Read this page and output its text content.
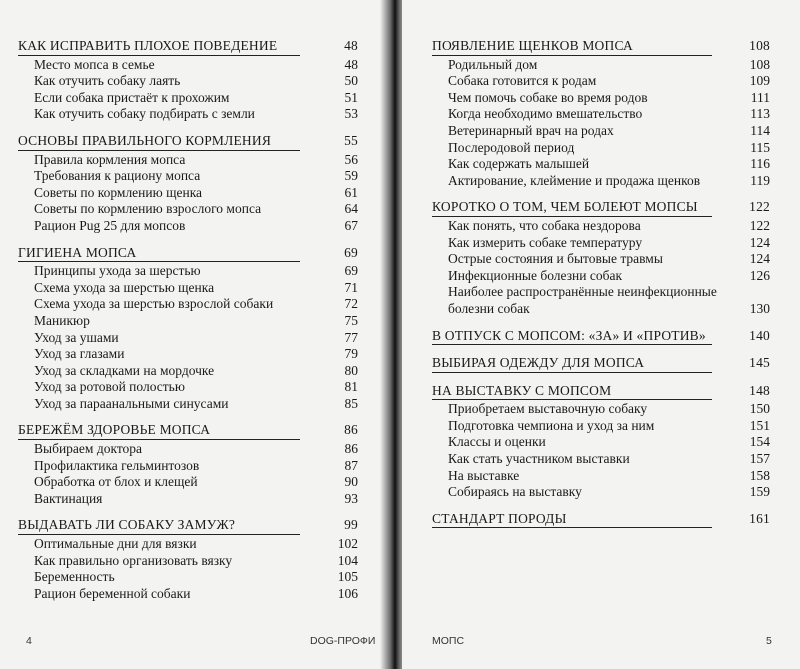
КАК ИСПРАВИТЬ ПЛОХОЕ ПОВЕДЕНИЕ	48
Место мопса в семье	48
Как отучить собаку лаять	50
Если собака пристаёт к прохожим	51
Как отучить собаку подбирать с земли	53
ОСНОВЫ ПРАВИЛЬНОГО КОРМЛЕНИЯ	55
Правила кормления мопса	56
Требования к рациону мопса	59
Советы по кормлению щенка	61
Советы по кормлению взрослого мопса	64
Рацион Pug 25 для мопсов	67
ГИГИЕНА МОПСА	69
Принципы ухода за шерстью	69
Схема ухода за шерстью щенка	71
Схема ухода за шерстью взрослой собаки	72
Маникюр	75
Уход за ушами	77
Уход за глазами	79
Уход за складками на мордочке	80
Уход за ротовой полостью	81
Уход за параанальными синусами	85
БЕРЕЖЁМ ЗДОРОВЬЕ МОПСА	86
Выбираем доктора	86
Профилактика гельминтозов	87
Обработка от блох и клещей	90
Вактинация	93
ВЫДАВАТЬ ЛИ СОБАКУ ЗАМУЖ?	99
Оптимальные дни для вязки	102
Как правильно организовать вязку	104
Беременность	105
Рацион беременной собаки	106
4	DOG-ПРОФИ
ПОЯВЛЕНИЕ ЩЕНКОВ МОПСА	108
Родильный дом	108
Собака готовится к родам	109
Чем помочь собаке во время родов	111
Когда необходимо вмешательство	113
Ветеринарный врач на родах	114
Послеродовой период	115
Как содержать малышей	116
Актирование, клеймение и продажа щенков	119
КОРОТКО О ТОМ, ЧЕМ БОЛЕЮТ МОПСЫ	122
Как понять, что собака нездорова	122
Как измерить собаке температуру	124
Острые состояния и бытовые травмы	124
Инфекционные болезни собак	126
Наиболее распространённые неинфекционные болезни собак	130
В ОТПУСК С МОПСОМ: «ЗА» И «ПРОТИВ»	140
ВЫБИРАЯ ОДЕЖДУ ДЛЯ МОПСА	145
НА ВЫСТАВКУ С МОПСОМ	148
Приобретаем выставочную собаку	150
Подготовка чемпиона и уход за ним	151
Классы и оценки	154
Как стать участником выставки	157
На выставке	158
Собираясь на выставку	159
СТАНДАРТ ПОРОДЫ	161
МОПС	5
